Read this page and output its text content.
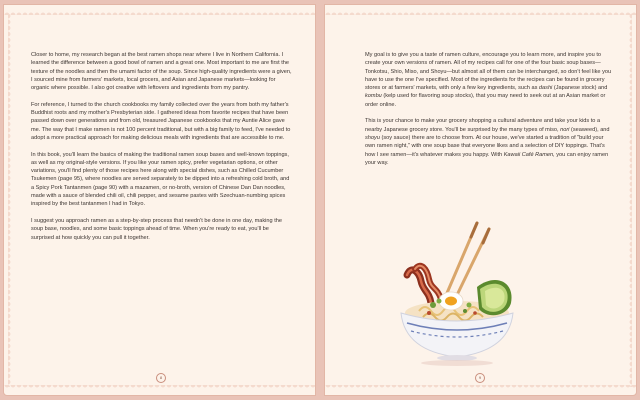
Closer to home, my research began at the best ramen shops near where I live in Northern California. I learned the difference between a good bowl of ramen and a great one. Most important to me are first the texture of the noodles and then the umami factor of the soup. Since high-quality ingredients were a given, I sourced mine from farmers' markets, local grocers, and Asian and Japanese markets—looking for organic where possible. I also got creative with leftovers and ingredients from my pantry.

For reference, I turned to the church cookbooks my family collected over the years from both my father's Buddhist roots and my mother's Presbyterian side. I gathered ideas from favorite recipes that have been passed down over generations and from old, treasured Japanese cookbooks that my Auntie Alice gave me. The way that I make ramen is not 100 percent traditional, but with a big family to feed, I've needed to adopt a more practical approach for making delicious meals with ingredients that are accessible to me.

In this book, you'll learn the basics of making the traditional ramen soup bases and well-known toppings, as well as my original-style versions. If you like your ramen spicy, prefer vegetarian options, or other variations, you'll find plenty of those recipes here along with special dishes, such as Chilled Cucumber Tsukemen (page 95), where noodles are served separately to be dipped into a refreshing cold broth, and a Spicy Pork Tantanmen (page 90) with a mazamen, or no-broth, version of Chinese Dan Dan noodles, made with a sauce of blended chili oil, chili pepper, and sesame pastes with Szechuan-numbing spices inspired by the best tantanmen I had in Tokyo.

I suggest you approach ramen as a step-by-step process that needn't be done in one day, making the soup base, noodles, and some basic toppings ahead of time. When you're ready to eat, you'll be surprised at how quickly you can pull it together.

8

My goal is to give you a taste of ramen culture, encourage you to learn more, and inspire you to create your own versions of ramen. All of my recipes call for one of the four basic soup bases—Tonkotsu, Shio, Miso, and Shoyu—but almost all of them can be interchanged, so don't feel like you have to use the one I've specified. Most of the ingredients for the recipes can be found in grocery stores or at farmers' markets, with only a few key ingredients, such as dashi (Japanese stock) and kombu (kelp used for flavoring soup stocks), that you may need to seek out at an Asian market or order online.

This is your chance to make your grocery shopping a cultural adventure and take your kids to a nearby Japanese grocery store. You'll be surprised by the many types of miso, nori (seaweed), and shoyu (soy sauce) there are to choose from. At our house, we've started a tradition of "build your own ramen night," with one soup base that everyone likes and a selection of DIY toppings. That's how I see ramen—it's whatever makes you happy. With Kawaii Café Ramen, you can enjoy ramen your way.

9
